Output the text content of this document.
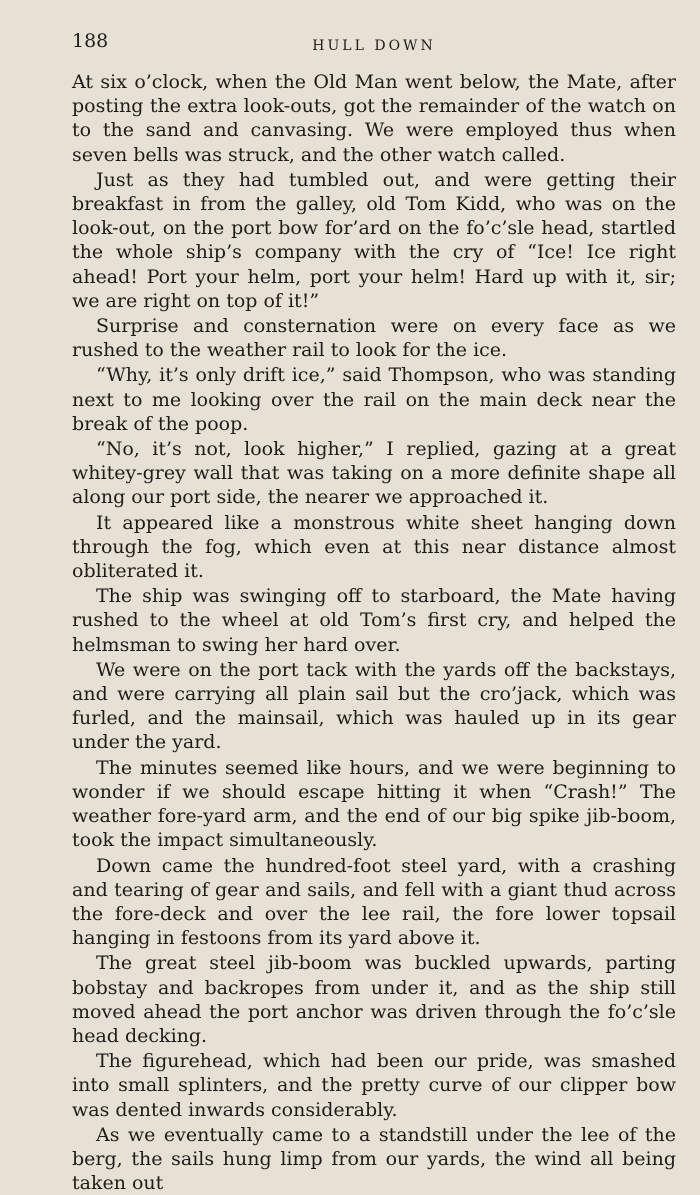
188	HULL DOWN

At six o’clock, when the Old Man went below, the Mate, after posting the extra look-outs, got the remainder of the watch on to the sand and canvasing. We were employed thus when seven bells was struck, and the other watch called.

Just as they had tumbled out, and were getting their breakfast in from the galley, old Tom Kidd, who was on the look-out, on the port bow for’ard on the fo’c’sle head, startled the whole ship’s company with the cry of “Ice! Ice right ahead! Port your helm, port your helm! Hard up with it, sir; we are right on top of it!”

Surprise and consternation were on every face as we rushed to the weather rail to look for the ice.

“Why, it’s only drift ice,” said Thompson, who was standing next to me looking over the rail on the main deck near the break of the poop.

“No, it’s not, look higher,” I replied, gazing at a great whitey-grey wall that was taking on a more definite shape all along our port side, the nearer we approached it.

It appeared like a monstrous white sheet hanging down through the fog, which even at this near distance almost obliterated it.

The ship was swinging off to starboard, the Mate having rushed to the wheel at old Tom’s first cry, and helped the helmsman to swing her hard over.

We were on the port tack with the yards off the backstays, and were carrying all plain sail but the cro’jack, which was furled, and the mainsail, which was hauled up in its gear under the yard.

The minutes seemed like hours, and we were beginning to wonder if we should escape hitting it when “Crash!” The weather fore-yard arm, and the end of our big spike jib-boom, took the impact simultaneously.

Down came the hundred-foot steel yard, with a crashing and tearing of gear and sails, and fell with a giant thud across the fore-deck and over the lee rail, the fore lower topsail hanging in festoons from its yard above it.

The great steel jib-boom was buckled upwards, parting bobstay and backropes from under it, and as the ship still moved ahead the port anchor was driven through the fo’c’sle head decking.

The figurehead, which had been our pride, was smashed into small splinters, and the pretty curve of our clipper bow was dented inwards considerably.

As we eventually came to a standstill under the lee of the berg, the sails hung limp from our yards, the wind all being taken out
